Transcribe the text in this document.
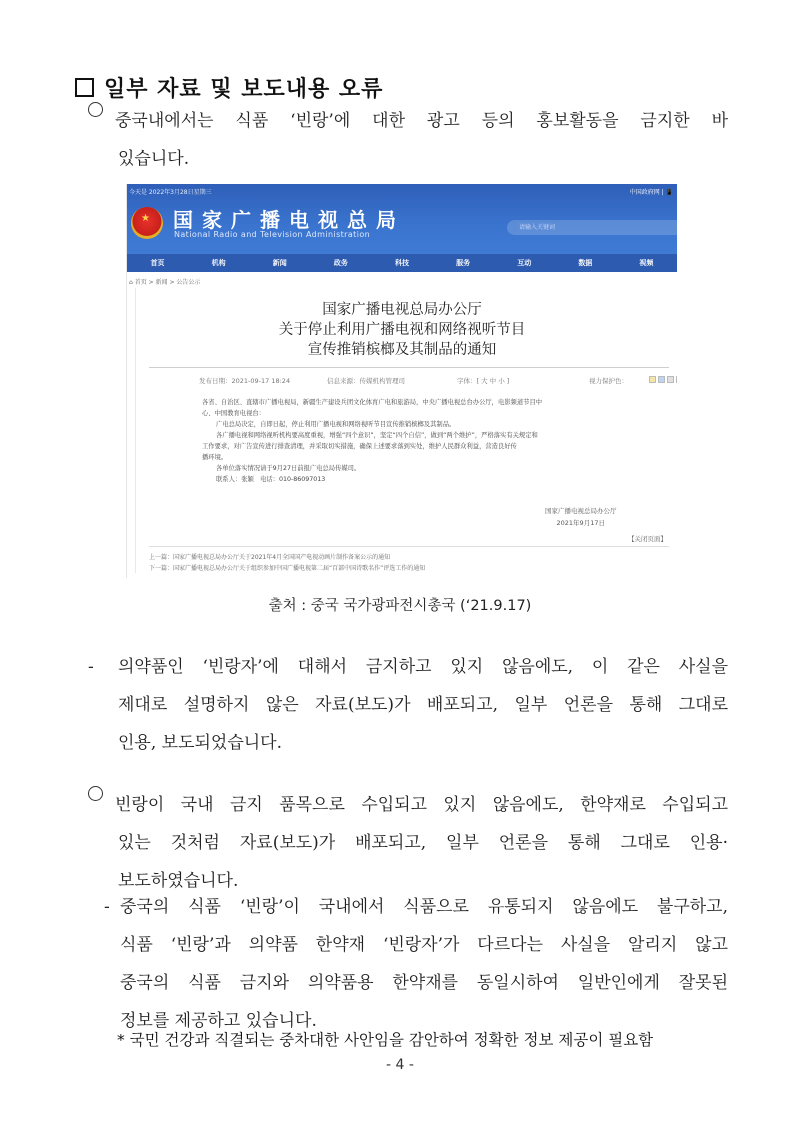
일부 자료 및 보도내용 오류
중국내에서는 식품 ‘빈랑’에 대한 광고 등의 홍보활동을 금지한 바
있습니다.
今天是 2022年3月28日星期三	中国政府网 | 📱
★ 国家广播电视总局
National Radio and Television Administration
请输入关键词
首页	机构	新闻	政务	科技	服务	互动	数据	视频
⌂ 首页 > 新闻 > 公告公示
国家广播电视总局办公厅
关于停止利用广播电视和网络视听节目
宣传推销槟榔及其制品的通知
发布日期：2021-09-17 18:24	信息来源：传媒机构管理司	字体：[ 大 中 小 ]	视力保护色：

各省、自治区、直辖市广播电视局，新疆生产建设兵团文化体育广电和旅游局，中央广播电视总台办公厅，电影频道节目中

心、中国教育电视台：

广电总局决定，自即日起，停止利用广播电视和网络视听节目宣传推销槟榔及其制品。

各广播电视和网络视听机构要高度重视，增强“四个意识”，坚定“四个自信”，做到“两个维护”，严格落实有关规定和

工作要求，对广告宣传进行排查清理，并采取切实措施，确保上述要求落到实处，维护人民群众利益，营造良好传

播环境。

各单位落实情况请于9月27日前报广电总局传媒司。

联系人：张颖　电话：010-86097013

国家广播电视总局办公厅
2021年9月17日
【关闭页面】
上一篇：国家广播电视总局办公厅关于2021年4月全国国产电视动画片制作备案公示的通知
下一篇：国家广播电视总局办公厅关于组织参加中国广播电视第二届“百部中国诗歌名作”评选工作的通知
출처 : 중국 국가광파전시총국 (‘21.9.17)
-	의약품인 ‘빈랑자’에 대해서 금지하고 있지 않음에도, 이 같은 사실을
제대로 설명하지 않은 자료(보도)가 배포되고, 일부 언론을 통해 그대로
인용, 보도되었습니다.
빈랑이 국내 금지 품목으로 수입되고 있지 않음에도, 한약재로 수입되고
있는 것처럼 자료(보도)가 배포되고, 일부 언론을 통해 그대로 인용·
보도하였습니다.
- 중국의 식품 ‘빈랑’이 국내에서 식품으로 유통되지 않음에도 불구하고,
식품 ‘빈랑’과 의약품 한약재 ‘빈랑자’가 다르다는 사실을 알리지 않고
중국의 식품 금지와 의약품용 한약재를 동일시하여 일반인에게 잘못된
정보를 제공하고 있습니다.
* 국민 건강과 직결되는 중차대한 사안임을 감안하여 정확한 정보 제공이 필요함
- 4 -
